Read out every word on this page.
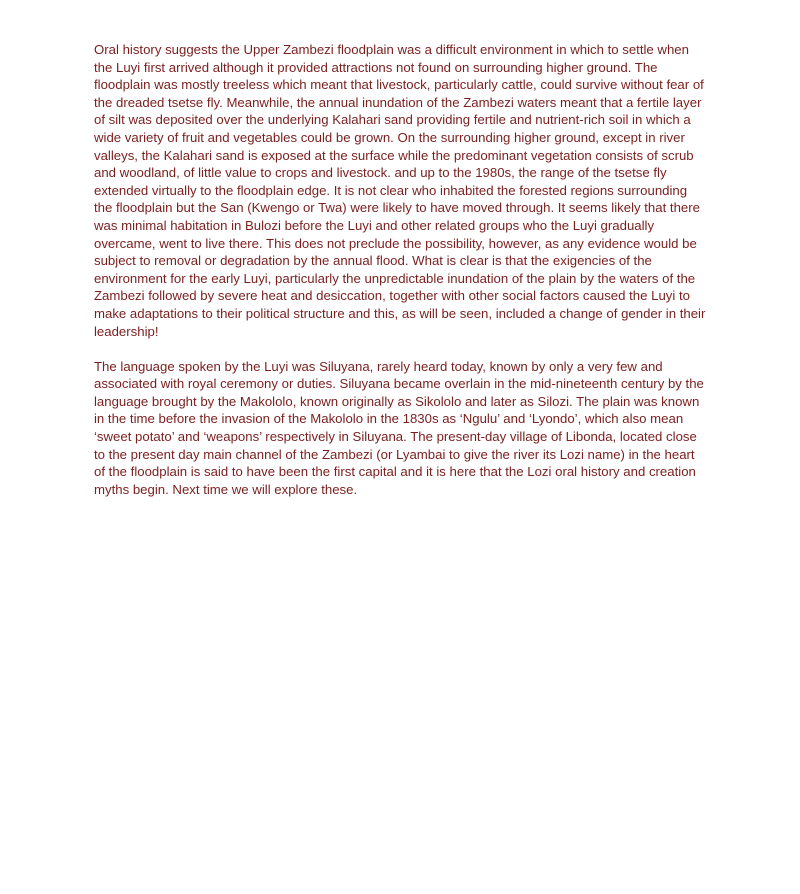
Oral history suggests the Upper Zambezi floodplain was a difficult environment in which to settle when the Luyi first arrived although it provided attractions not found on surrounding higher ground. The floodplain was mostly treeless which meant that livestock, particularly cattle, could survive without fear of the dreaded tsetse fly. Meanwhile, the annual inundation of the Zambezi waters meant that a fertile layer of silt was deposited over the underlying Kalahari sand providing fertile and nutrient-rich soil in which a wide variety of fruit and vegetables could be grown. On the surrounding higher ground, except in river valleys, the Kalahari sand is exposed at the surface while the predominant vegetation consists of scrub and woodland, of little value to crops and livestock. and up to the 1980s, the range of the tsetse fly extended virtually to the floodplain edge. It is not clear who inhabited the forested regions surrounding the floodplain but the San (Kwengo or Twa) were likely to have moved through. It seems likely that there was minimal habitation in Bulozi before the Luyi and other related groups who the Luyi gradually overcame, went to live there. This does not preclude the possibility, however, as any evidence would be subject to removal or degradation by the annual flood. What is clear is that the exigencies of the environment for the early Luyi, particularly the unpredictable inundation of the plain by the waters of the Zambezi followed by severe heat and desiccation, together with other social factors caused the Luyi to make adaptations to their political structure and this, as will be seen, included a change of gender in their leadership!

The language spoken by the Luyi was Siluyana, rarely heard today, known by only a very few and associated with royal ceremony or duties. Siluyana became overlain in the mid-nineteenth century by the language brought by the Makololo, known originally as Sikololo and later as Silozi. The plain was known in the time before the invasion of the Makololo in the 1830s as ‘Ngulu’ and ‘Lyondo’, which also mean ‘sweet potato’ and ‘weapons’ respectively in Siluyana. The present-day village of Libonda, located close to the present day main channel of the Zambezi (or Lyambai to give the river its Lozi name) in the heart of the floodplain is said to have been the first capital and it is here that the Lozi oral history and creation myths begin. Next time we will explore these.
